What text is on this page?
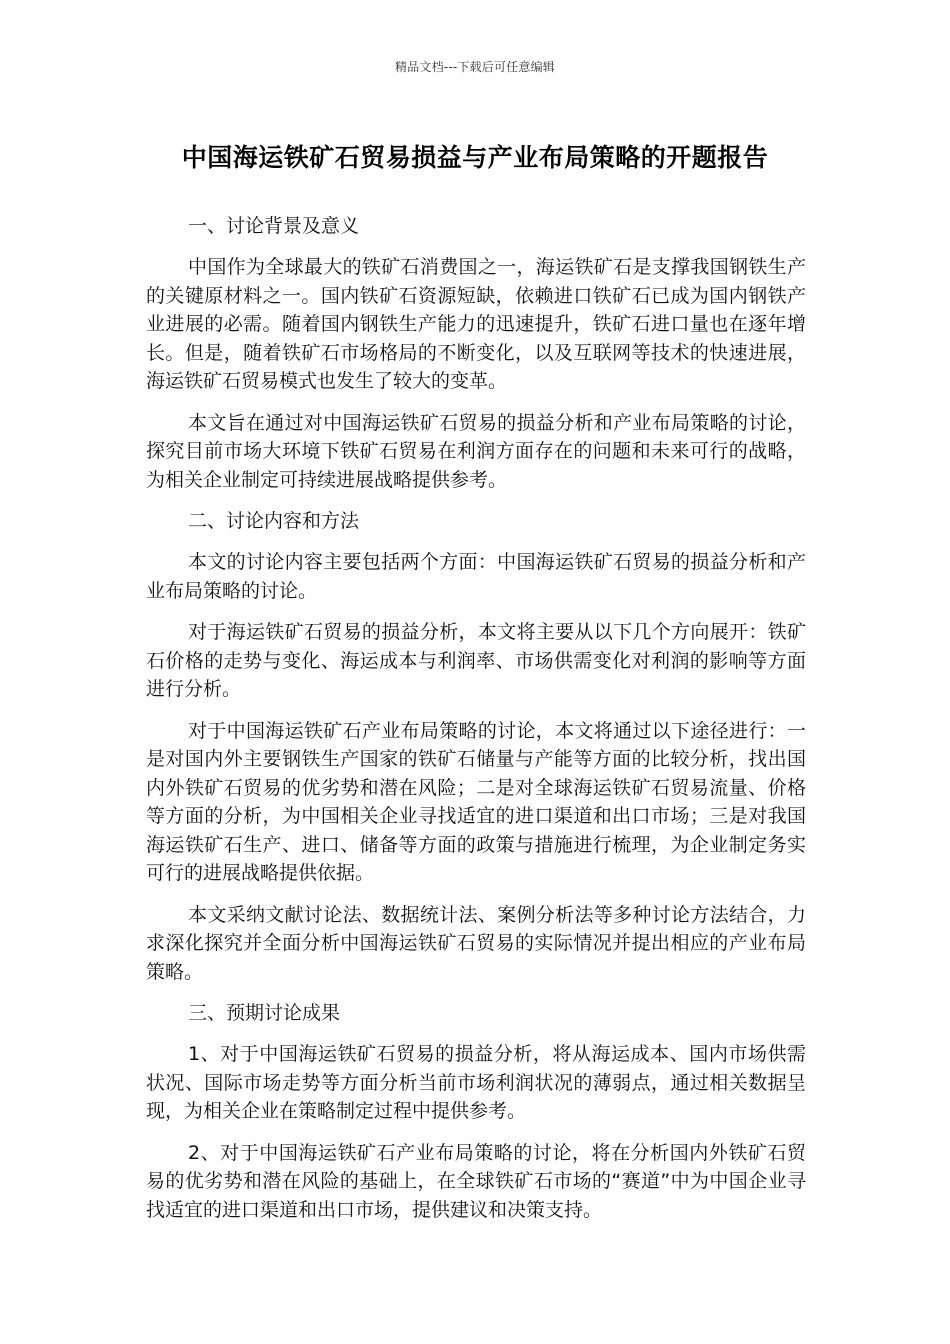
精品文档---下载后可任意编辑
中国海运铁矿石贸易损益与产业布局策略的开题报告

一、讨论背景及意义

中国作为全球最大的铁矿石消费国之一，海运铁矿石是支撑我国钢铁生产的关键原材料之一。国内铁矿石资源短缺，依赖进口铁矿石已成为国内钢铁产业进展的必需。随着国内钢铁生产能力的迅速提升，铁矿石进口量也在逐年增长。但是，随着铁矿石市场格局的不断变化，以及互联网等技术的快速进展，海运铁矿石贸易模式也发生了较大的变革。

本文旨在通过对中国海运铁矿石贸易的损益分析和产业布局策略的讨论，探究目前市场大环境下铁矿石贸易在利润方面存在的问题和未来可行的战略，为相关企业制定可持续进展战略提供参考。

二、讨论内容和方法

本文的讨论内容主要包括两个方面：中国海运铁矿石贸易的损益分析和产业布局策略的讨论。

对于海运铁矿石贸易的损益分析，本文将主要从以下几个方向展开：铁矿石价格的走势与变化、海运成本与利润率、市场供需变化对利润的影响等方面进行分析。

对于中国海运铁矿石产业布局策略的讨论，本文将通过以下途径进行：一是对国内外主要钢铁生产国家的铁矿石储量与产能等方面的比较分析，找出国内外铁矿石贸易的优劣势和潜在风险；二是对全球海运铁矿石贸易流量、价格等方面的分析，为中国相关企业寻找适宜的进口渠道和出口市场；三是对我国海运铁矿石生产、进口、储备等方面的政策与措施进行梳理，为企业制定务实可行的进展战略提供依据。

本文采纳文献讨论法、数据统计法、案例分析法等多种讨论方法结合，力求深化探究并全面分析中国海运铁矿石贸易的实际情况并提出相应的产业布局策略。

三、预期讨论成果

1、对于中国海运铁矿石贸易的损益分析，将从海运成本、国内市场供需状况、国际市场走势等方面分析当前市场利润状况的薄弱点，通过相关数据呈现，为相关企业在策略制定过程中提供参考。

2、对于中国海运铁矿石产业布局策略的讨论，将在分析国内外铁矿石贸易的优劣势和潜在风险的基础上，在全球铁矿石市场的“赛道”中为中国企业寻找适宜的进口渠道和出口市场，提供建议和决策支持。
